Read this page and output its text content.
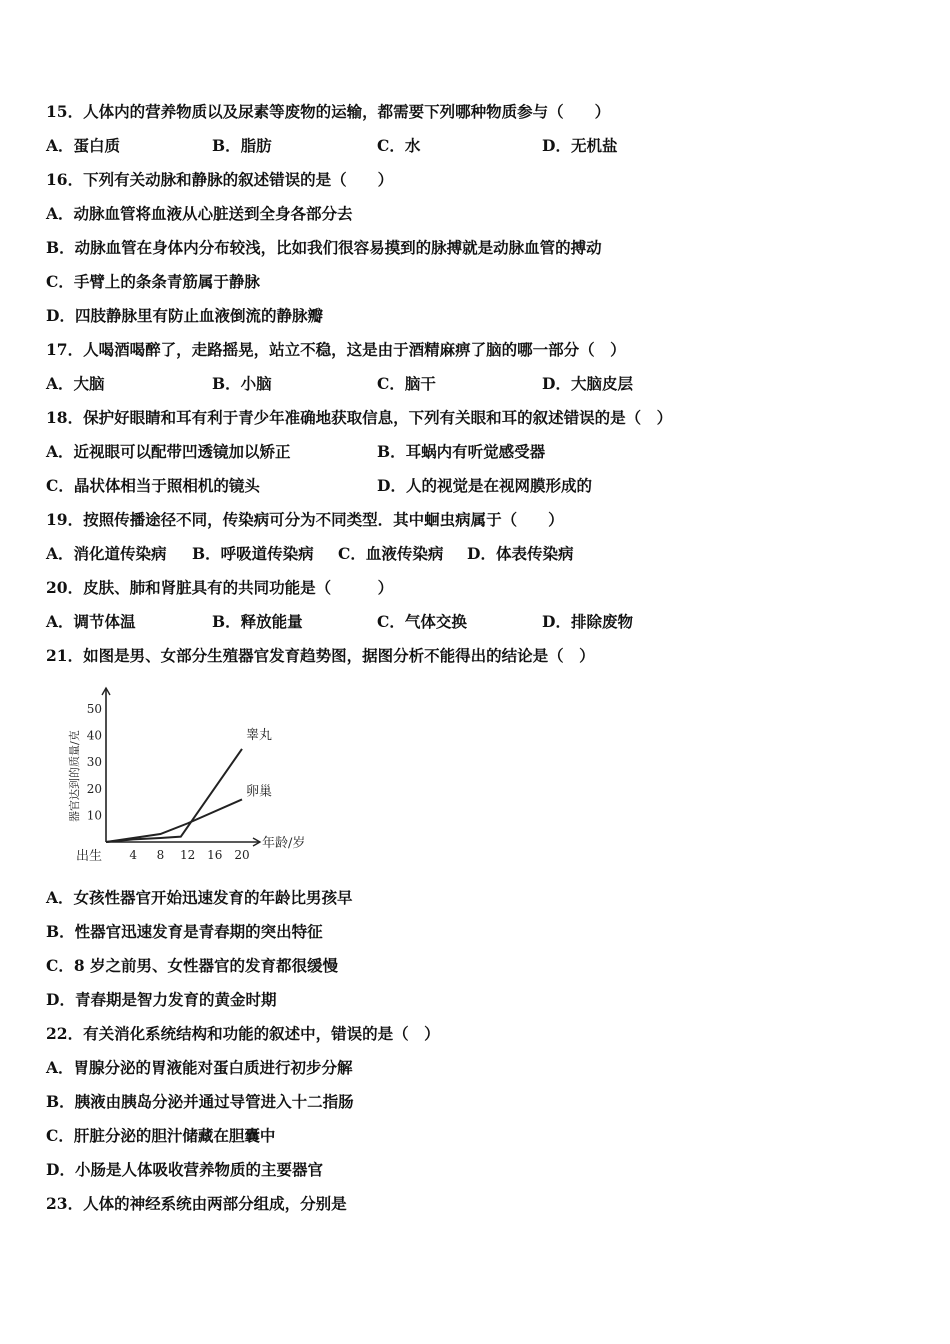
15．人体内的营养物质以及尿素等废物的运输，都需要下列哪种物质参与（　　）
A．蛋白质	B．脂肪	C．水	D．无机盐
16．下列有关动脉和静脉的叙述错误的是（　　）
A．动脉血管将血液从心脏送到全身各部分去
B．动脉血管在身体内分布较浅，比如我们很容易摸到的脉搏就是动脉血管的搏动
C．手臂上的条条青筋属于静脉
D．四肢静脉里有防止血液倒流的静脉瓣
17．人喝酒喝醉了，走路摇晃，站立不稳，这是由于酒精麻痹了脑的哪一部分（　）
A．大脑	B．小脑	C．脑干	D．大脑皮层
18．保护好眼睛和耳有利于青少年准确地获取信息，下列有关眼和耳的叙述错误的是（　）
A．近视眼可以配带凹透镜加以矫正	B．耳蜗内有听觉感受器
C．晶状体相当于照相机的镜头	D．人的视觉是在视网膜形成的
19．按照传播途径不同，传染病可分为不同类型．其中蛔虫病属于（　　）
A．消化道传染病 B．呼吸道传染病 C．血液传染病 D．体表传染病
20．皮肤、肺和肾脏具有的共同功能是（　　　）
A．调节体温	B．释放能量	C．气体交换	D．排除废物
21．如图是男、女部分生殖器官发育趋势图，据图分析不能得出的结论是（　）
10
20
30
40
50
4 8 12 16 20
睾丸
卵巢
器官达到的质量/克
年龄/岁
出生
A．女孩性器官开始迅速发育的年龄比男孩早
B．性器官迅速发育是青春期的突出特征
C．8 岁之前男、女性器官的发育都很缓慢
D．青春期是智力发育的黄金时期
22．有关消化系统结构和功能的叙述中，错误的是（　）
A．胃腺分泌的胃液能对蛋白质进行初步分解
B．胰液由胰岛分泌并通过导管进入十二指肠
C．肝脏分泌的胆汁储藏在胆囊中
D．小肠是人体吸收营养物质的主要器官
23．人体的神经系统由两部分组成，分别是
